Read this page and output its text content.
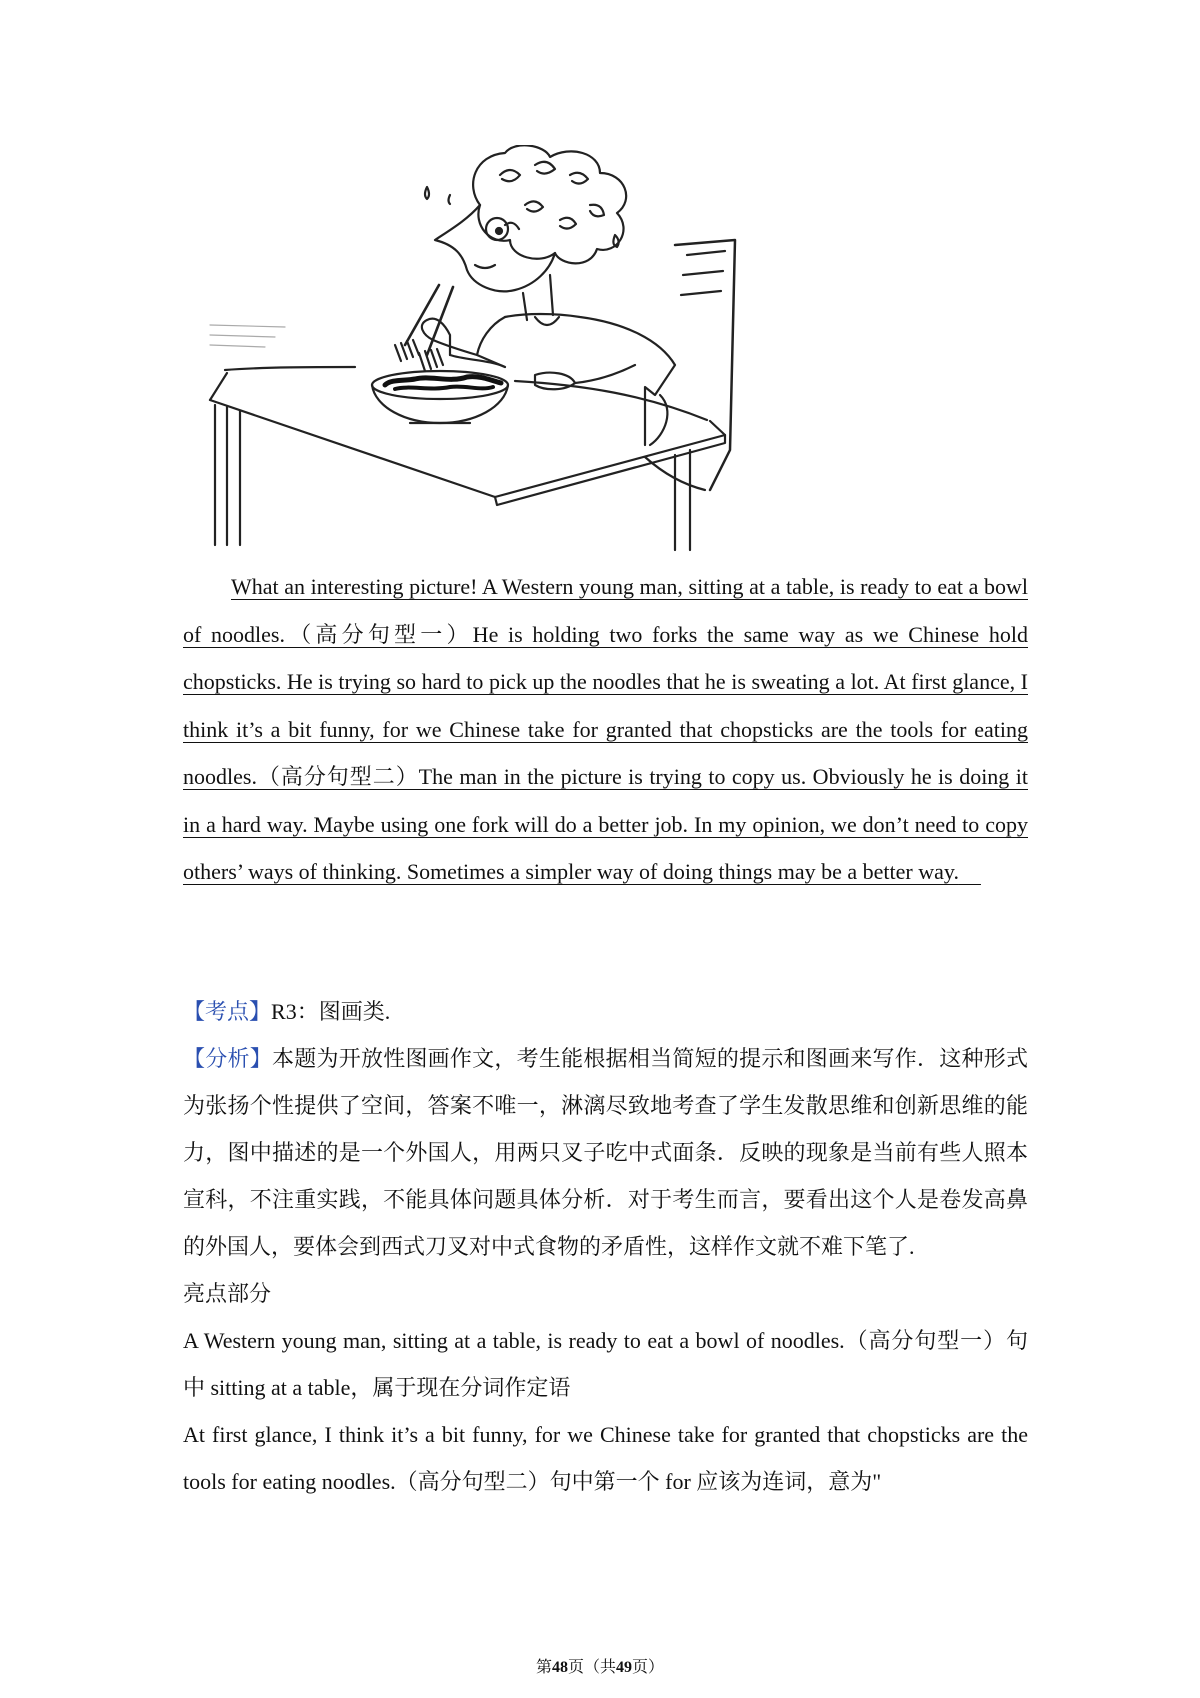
What an interesting picture! A Western young man, sitting at a table, is ready to eat a bowl of noodles.（高分句型一）He is holding two forks the same way as we Chinese hold chopsticks. He is trying so hard to pick up the noodles that he is sweating a lot. At first glance, I think it’s a bit funny, for we Chinese take for granted that chopsticks are the tools for eating noodles.（高分句型二）The man in the picture is trying to copy us. Obviously he is doing it in a hard way. Maybe using one fork will do a better job. In my opinion, we don’t need to copy others’ ways of thinking. Sometimes a simpler way of doing things may be a better way.

【考点】R3：图画类.

【分析】本题为开放性图画作文，考生能根据相当简短的提示和图画来写作．这种形式为张扬个性提供了空间，答案不唯一，淋漓尽致地考查了学生发散思维和创新思维的能力，图中描述的是一个外国人，用两只叉子吃中式面条．反映的现象是当前有些人照本宣科，不注重实践，不能具体问题具体分析．对于考生而言，要看出这个人是卷发高鼻的外国人，要体会到西式刀叉对中式食物的矛盾性，这样作文就不难下笔了.

亮点部分

A Western young man, sitting at a table, is ready to eat a bowl of noodles.（高分句型一）句中 sitting at a table，属于现在分词作定语

At first glance, I think it’s a bit funny, for we Chinese take for granted that chopsticks are the tools for eating noodles.（高分句型二）句中第一个 for 应该为连词，意为"

第48页（共49页）
